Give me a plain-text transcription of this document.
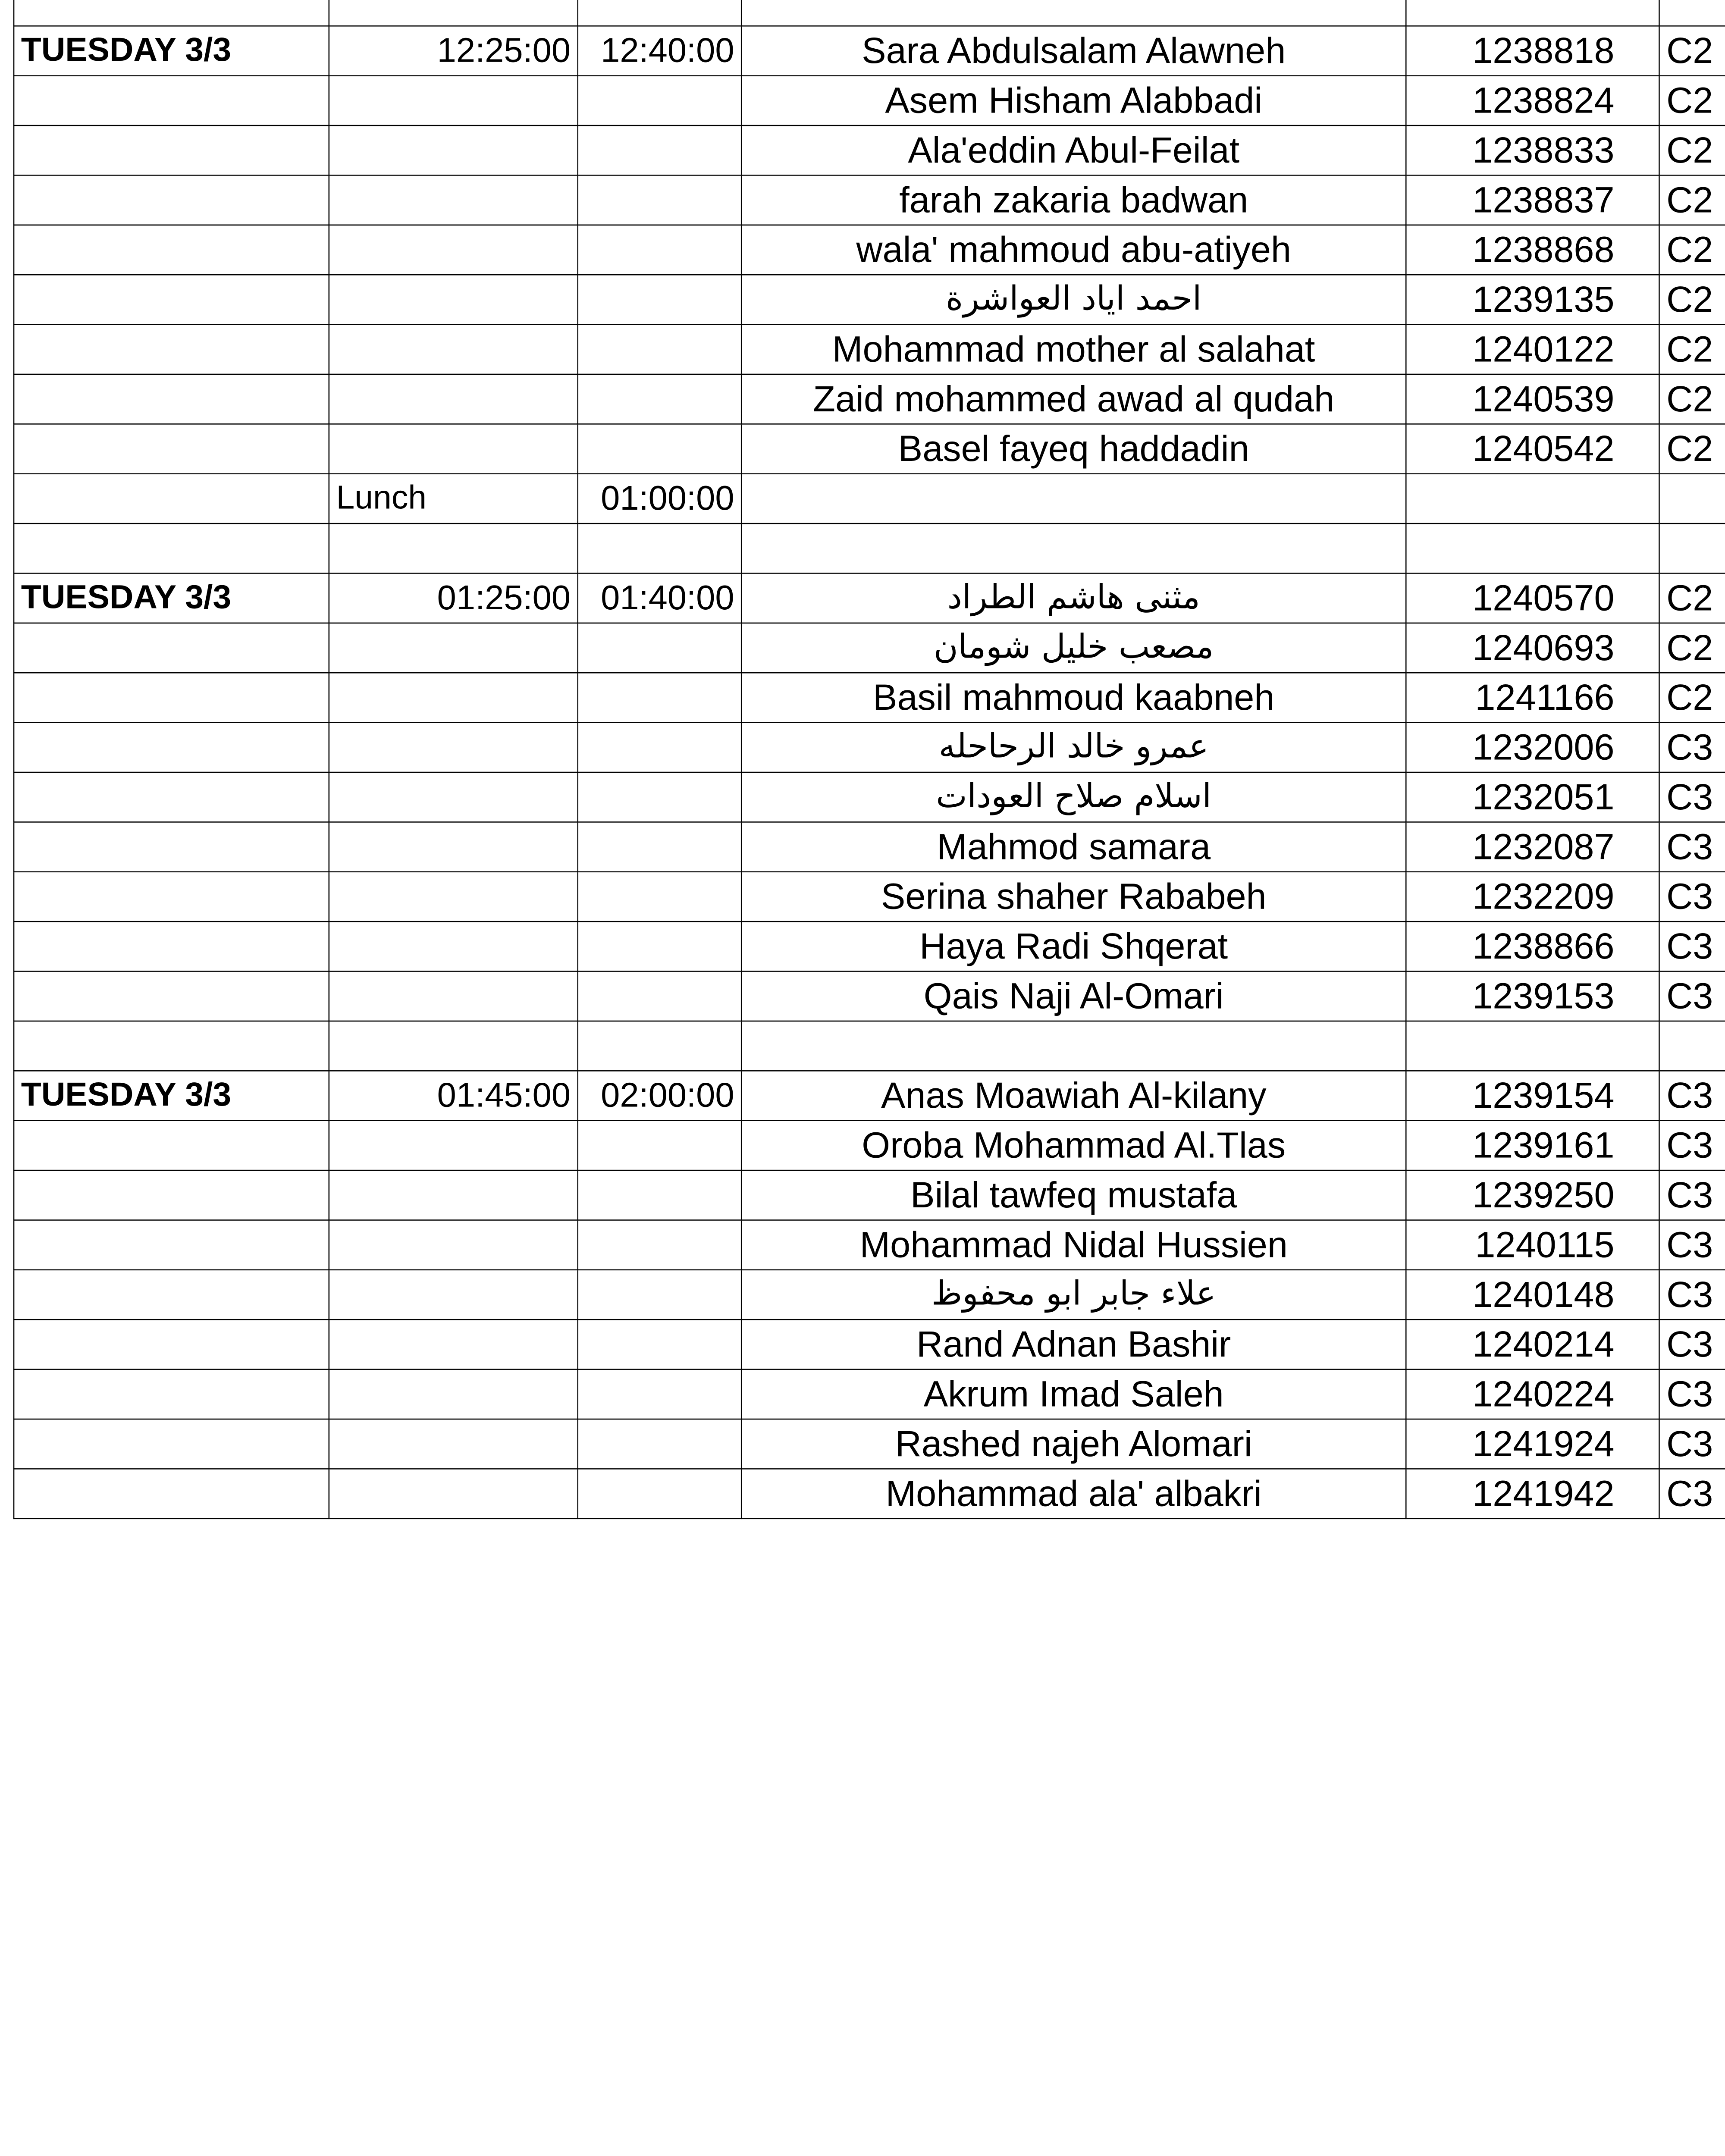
TUESDAY 3/3	12:25:00	12:40:00	Sara Abdulsalam Alawneh	1238818	C2
			Asem Hisham Alabbadi	1238824	C2
			Ala'eddin Abul-Feilat	1238833	C2
			farah zakaria badwan	1238837	C2
			wala' mahmoud abu-atiyeh	1238868	C2
			احمد اياد العواشرة	1239135	C2
			Mohammad mother al salahat	1240122	C2
			Zaid mohammed awad al qudah	1240539	C2
			Basel fayeq haddadin	1240542	C2
	Lunch	01:00:00			

TUESDAY 3/3	01:25:00	01:40:00	مثنى هاشم الطراد	1240570	C2
			مصعب خليل شومان	1240693	C2
			Basil mahmoud kaabneh	1241166	C2
			عمرو خالد الرحاحله	1232006	C3
			اسلام صلاح العودات	1232051	C3
			Mahmod samara	1232087	C3
			Serina shaher Rababeh	1232209	C3
			Haya Radi Shqerat	1238866	C3
			Qais Naji Al-Omari	1239153	C3

TUESDAY 3/3	01:45:00	02:00:00	Anas Moawiah Al-kilany	1239154	C3
			Oroba Mohammad Al.Tlas	1239161	C3
			Bilal tawfeq mustafa	1239250	C3
			Mohammad Nidal Hussien	1240115	C3
			علاء جابر ابو محفوظ	1240148	C3
			Rand Adnan Bashir	1240214	C3
			Akrum Imad Saleh	1240224	C3
			Rashed najeh Alomari	1241924	C3
			Mohammad ala' albakri	1241942	C3
